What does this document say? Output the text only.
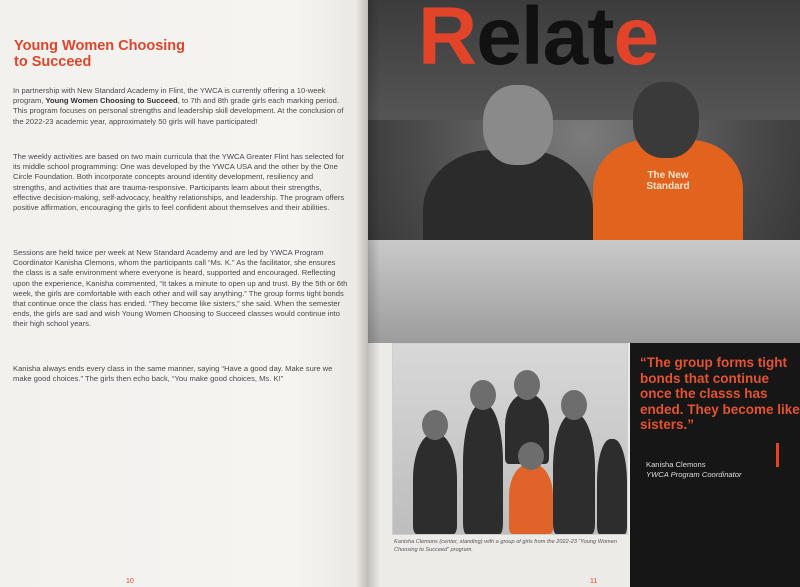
Young Women Choosing
to Succeed

In partnership with New Standard Academy in Flint, the YWCA is currently offering a 10-week program, Young Women Choosing to Succeed, to 7th and 8th grade girls each marking period. This program focuses on personal strengths and leadership skill development. At the conclusion of the 2022-23 academic year, approximately 50 girls will have participated!

The weekly activities are based on two main curricula that the YWCA Greater Flint has selected for its middle school programming: One was developed by the YWCA USA and the other by the One Circle Foundation. Both incorporate concepts around identity development, resiliency and strengths, and activities that are trauma-responsive. Participants learn about their strengths, effective decision-making, self-advocacy, healthy relationships, and leadership. The program offers positive affirmation, encouraging the girls to feel confident about themselves and their abilities.

Sessions are held twice per week at New Standard Academy and are led by YWCA Program Coordinator Kanisha Clemons, whom the participants call “Ms. K.” As the facilitator, she ensures the class is a safe environment where everyone is heard, supported and encouraged. Reflecting upon the experience, Kanisha commented, “It takes a minute to open up and trust. By the 5th or 6th week, the girls are comfortable with each other and will say anything.” The group forms tight bonds that continue once the class has ended. “They become like sisters,” she said. When the semester ends, the girls are sad and wish Young Women Choosing to Succeed classes would continue into their high school years.

Kanisha always ends every class in the same manner, saying “Have a good day. Make sure we make good choices.” The girls then echo back, “You make good choices, Ms. K!”

10
The New Standard
Relate

Kanisha Clemons (center, standing) with a group of girls from the 2022-23 “Young Women Choosing to Succeed” program.

“The group forms tight bonds that continue once the classs has ended. They become like sisters.”

Kanisha Clemons

YWCA Program Coordinator

11
